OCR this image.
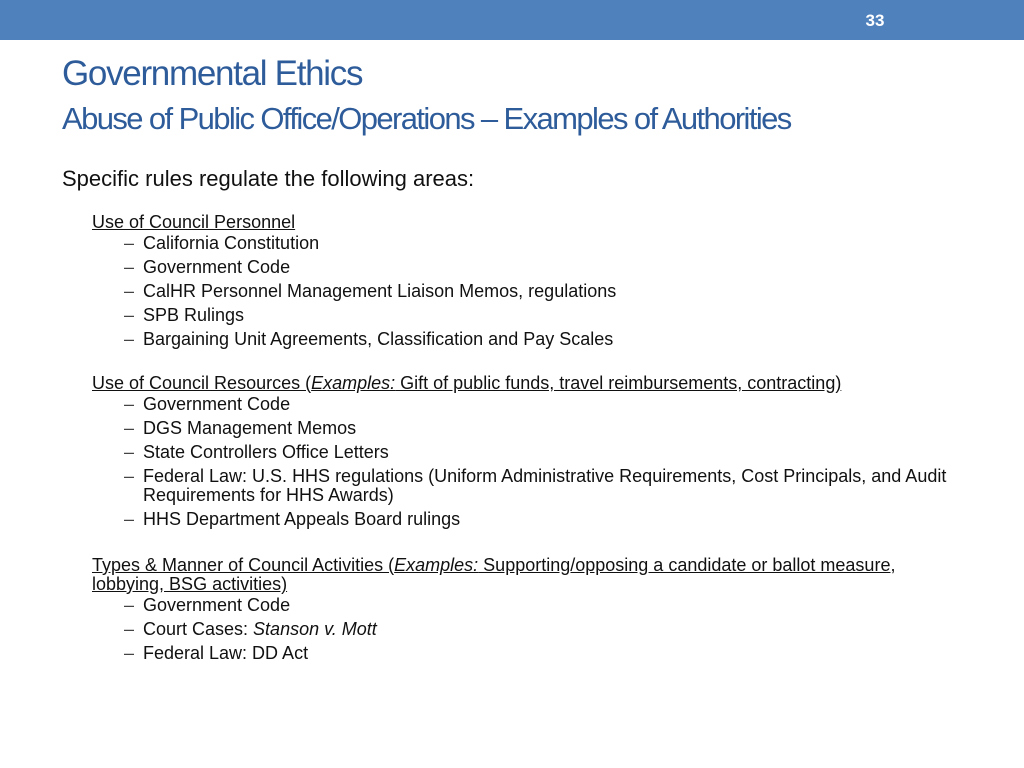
33
Governmental Ethics
Abuse of Public Office/Operations – Examples of Authorities
Specific rules regulate the following areas:
Use of Council Personnel
– California Constitution
– Government Code
– CalHR Personnel Management Liaison Memos, regulations
– SPB Rulings
– Bargaining Unit Agreements, Classification and Pay Scales
Use of Council Resources (Examples: Gift of public funds, travel reimbursements, contracting)
– Government Code
– DGS Management Memos
– State Controllers Office Letters
– Federal Law: U.S. HHS regulations (Uniform Administrative Requirements, Cost Principals, and Audit Requirements for HHS Awards)
– HHS Department Appeals Board rulings
Types & Manner of Council Activities (Examples: Supporting/opposing a candidate or ballot measure, lobbying, BSG activities)
– Government Code
– Court Cases: Stanson v. Mott
– Federal Law: DD Act
